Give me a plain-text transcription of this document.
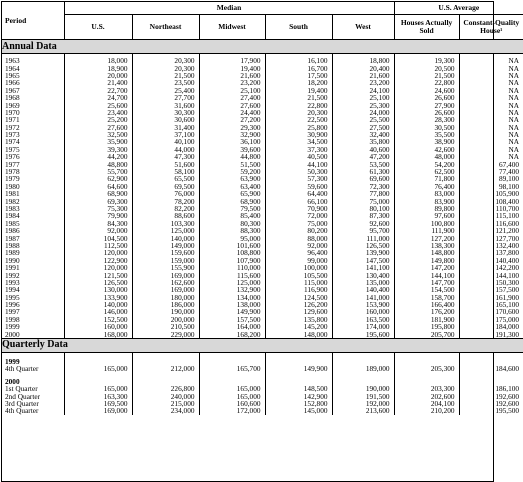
Period	Median					U.S. Average	
	U.S.	Northeast	Midwest	South	West	Houses Actually Sold	Constant-Quality House¹
Annual Data							

1963	18,000	20,300	17,900	16,100	18,800	19,300	NA
1964	18,900	20,300	19,400	16,700	20,400	20,500	NA
1965	20,000	21,500	21,600	17,500	21,600	21,500	NA
1966	21,400	23,500	23,200	18,200	23,200	22,800	NA
1967	22,700	25,400	25,100	19,400	24,100	24,600	NA
1968	24,700	27,700	27,400	21,500	25,100	26,600	NA
1969	25,600	31,600	27,600	22,800	25,300	27,900	NA
1970	23,400	30,300	24,400	20,300	24,000	26,600	NA
1971	25,200	30,600	27,200	22,500	25,500	28,300	NA
1972	27,600	31,400	29,300	25,800	27,500	30,500	NA
1973	32,500	37,100	32,900	30,900	32,400	35,500	NA
1974	35,900	40,100	36,100	34,500	35,800	38,900	NA
1975	39,300	44,000	39,600	37,300	40,600	42,600	NA
1976	44,200	47,300	44,800	40,500	47,200	48,000	NA
1977	48,800	51,600	51,500	44,100	53,500	54,200	67,400
1978	55,700	58,100	59,200	50,300	61,300	62,500	77,400
1979	62,900	65,500	63,900	57,300	69,600	71,800	89,100
1980	64,600	69,500	63,400	59,600	72,300	76,400	98,100
1981	68,900	76,000	65,900	64,400	77,800	83,000	105,900
1982	69,300	78,200	68,900	66,100	75,000	83,900	108,400
1983	75,300	82,200	79,500	70,900	80,100	89,800	110,700
1984	79,900	88,600	85,400	72,000	87,300	97,600	115,100
1985	84,300	103,300	80,300	75,000	92,600	100,800	116,600
1986	92,000	125,000	88,300	80,200	95,700	111,900	121,200
1987	104,500	140,000	95,000	88,000	111,000	127,200	127,700
1988	112,500	149,000	101,600	92,000	126,500	138,300	132,400
1989	120,000	159,600	108,800	96,400	139,900	148,800	137,800
1990	122,900	159,000	107,900	99,000	147,500	149,800	140,400
1991	120,000	155,900	110,000	100,000	141,100	147,200	142,200
1992	121,500	169,000	115,600	105,500	130,400	144,100	144,100
1993	126,500	162,600	125,000	115,000	135,000	147,700	150,300
1994	130,000	169,000	132,900	116,900	140,400	154,500	157,500
1995	133,900	180,000	134,000	124,500	141,000	158,700	161,900
1996	140,000	186,000	138,000	126,200	153,900	166,400	165,100
1997	146,000	190,000	149,900	129,600	160,000	176,200	170,600
1998	152,500	200,000	157,500	135,800	163,500	181,900	175,000
1999	160,000	210,500	164,000	145,200	174,000	195,800	184,000
2000	168,000	229,000	168,200	148,000	195,600	205,700	191,300
Quarterly Data							

1999							
4th Quarter	165,000	212,000	165,700	149,900	189,000	205,300	184,600

2000							
1st Quarter	165,000	226,800	165,000	148,500	190,000	203,300	186,100
2nd Quarter	163,300	240,000	165,000	142,900	191,500	202,600	192,600
3rd Quarter	169,500	215,000	160,600	152,800	192,000	204,100	192,600
4th Quarter	169,000	234,000	172,000	145,000	213,600	210,200	195,500
